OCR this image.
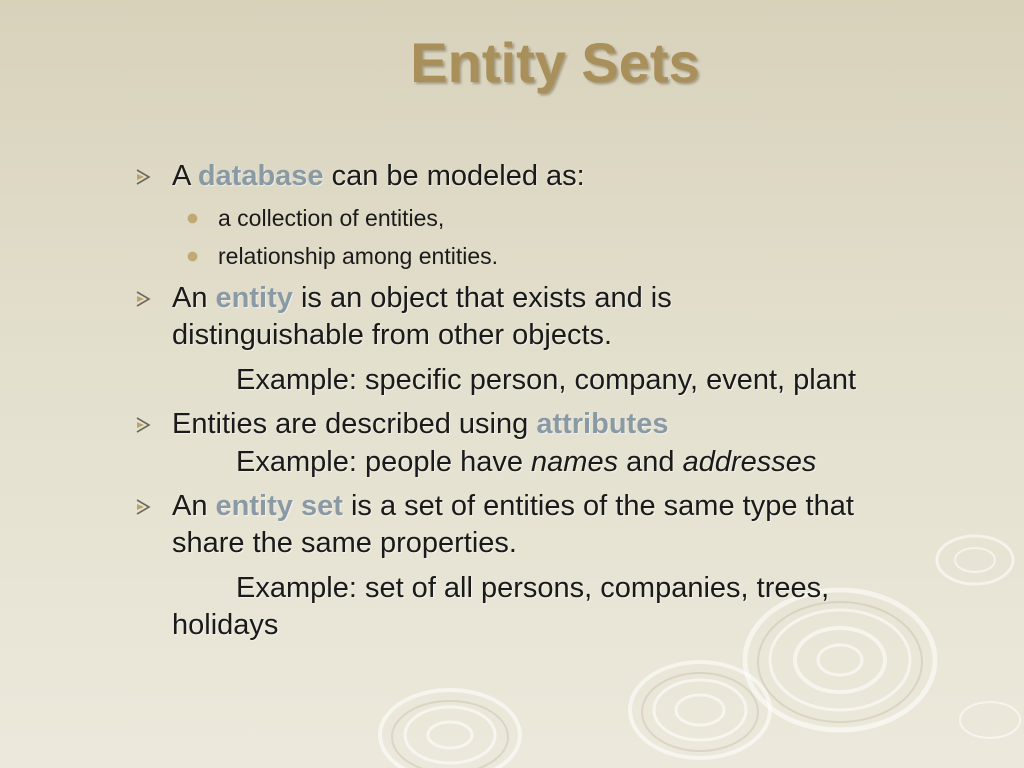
Entity Sets
A database can be modeled as:
a collection of entities,
relationship among entities.
An entity is an object that exists and is
distinguishable from other objects.
Example: specific person, company, event, plant
Entities are described using attributes
Example: people have names and addresses
An entity set is a set of entities of the same type that
share the same properties.
Example: set of all persons, companies, trees,
holidays
